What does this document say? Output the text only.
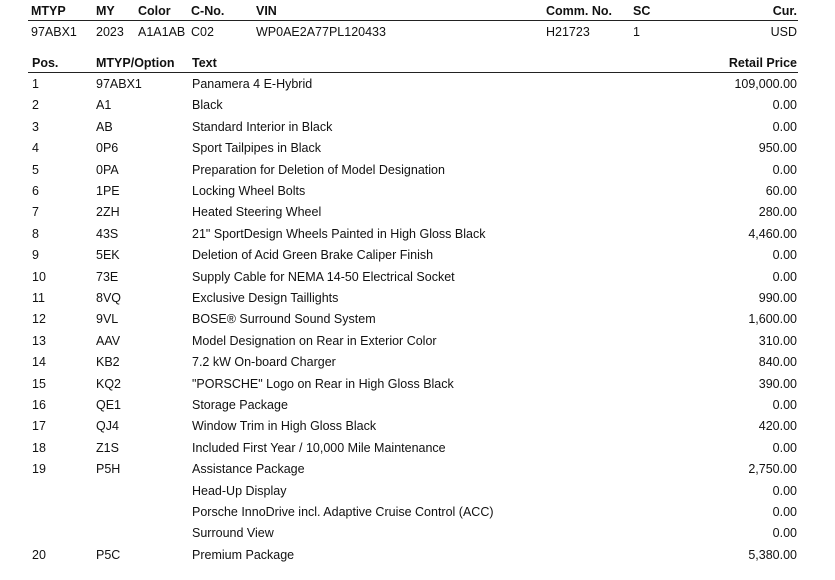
MTYP MY Color C-No.	VIN	Comm. No. SC	Cur.
97ABX1 2023 A1A1AB C02	WP0AE2A77PL120433	H21723	1	USD
Pos.	MTYP/Option Text	Retail Price
1	97ABX1	Panamera 4 E-Hybrid	109,000.00
2	A1	Black	0.00
3	AB	Standard Interior in Black	0.00
4	0P6	Sport Tailpipes in Black	950.00
5	0PA	Preparation for Deletion of Model Designation	0.00
6	1PE	Locking Wheel Bolts	60.00
7	2ZH	Heated Steering Wheel	280.00
8	43S	21" SportDesign Wheels Painted in High Gloss Black	4,460.00
9	5EK	Deletion of Acid Green Brake Caliper Finish	0.00
10	73E	Supply Cable for NEMA 14-50 Electrical Socket	0.00
11	8VQ	Exclusive Design Taillights	990.00
12	9VL	BOSE® Surround Sound System	1,600.00
13	AAV	Model Designation on Rear in Exterior Color	310.00
14	KB2	7.2 kW On-board Charger	840.00
15	KQ2	"PORSCHE" Logo on Rear in High Gloss Black	390.00
16	QE1	Storage Package	0.00
17	QJ4	Window Trim in High Gloss Black	420.00
18	Z1S	Included First Year / 10,000 Mile Maintenance	0.00
19	P5H	Assistance Package	2,750.00
Head-Up Display	0.00
Porsche InnoDrive incl. Adaptive Cruise Control (ACC)	0.00
Surround View	0.00
20	P5C	Premium Package	5,380.00
